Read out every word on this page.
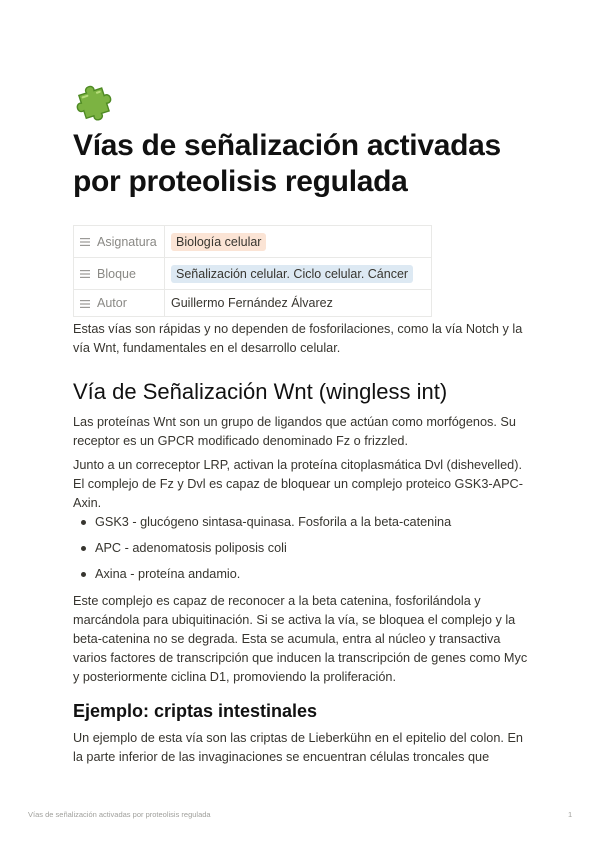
Vías de señalización activadas por proteolisis regulada
Asignatura	Biología celular
Bloque	Señalización celular. Ciclo celular. Cáncer
Autor	Guillermo Fernández Álvarez

Estas vías son rápidas y no dependen de fosforilaciones, como la vía Notch y la vía Wnt, fundamentales en el desarrollo celular.

Vía de Señalización Wnt (wingless int)

Las proteínas Wnt son un grupo de ligandos que actúan como morfógenos. Su receptor es un GPCR modificado denominado Fz o frizzled.

Junto a un correceptor LRP, activan la proteína citoplasmática Dvl (dishevelled). El complejo de Fz y Dvl es capaz de bloquear un complejo proteico GSK3-APC-Axin.

GSK3 - glucógeno sintasa-quinasa. Fosforila a la beta-catenina
APC - adenomatosis poliposis coli
Axina - proteína andamio.

Este complejo es capaz de reconocer a la beta catenina, fosforilándola y marcándola para ubiquitinación. Si se activa la vía, se bloquea el complejo y la beta-catenina no se degrada. Esta se acumula, entra al núcleo y transactiva varios factores de transcripción que inducen la transcripción de genes como Myc y posteriormente ciclina D1, promoviendo la proliferación.

Ejemplo: criptas intestinales

Un ejemplo de esta vía son las criptas de Lieberkühn en el epitelio del colon. En la parte inferior de las invaginaciones se encuentran células troncales que

Vías de señalización activadas por proteolisis regulada	1
